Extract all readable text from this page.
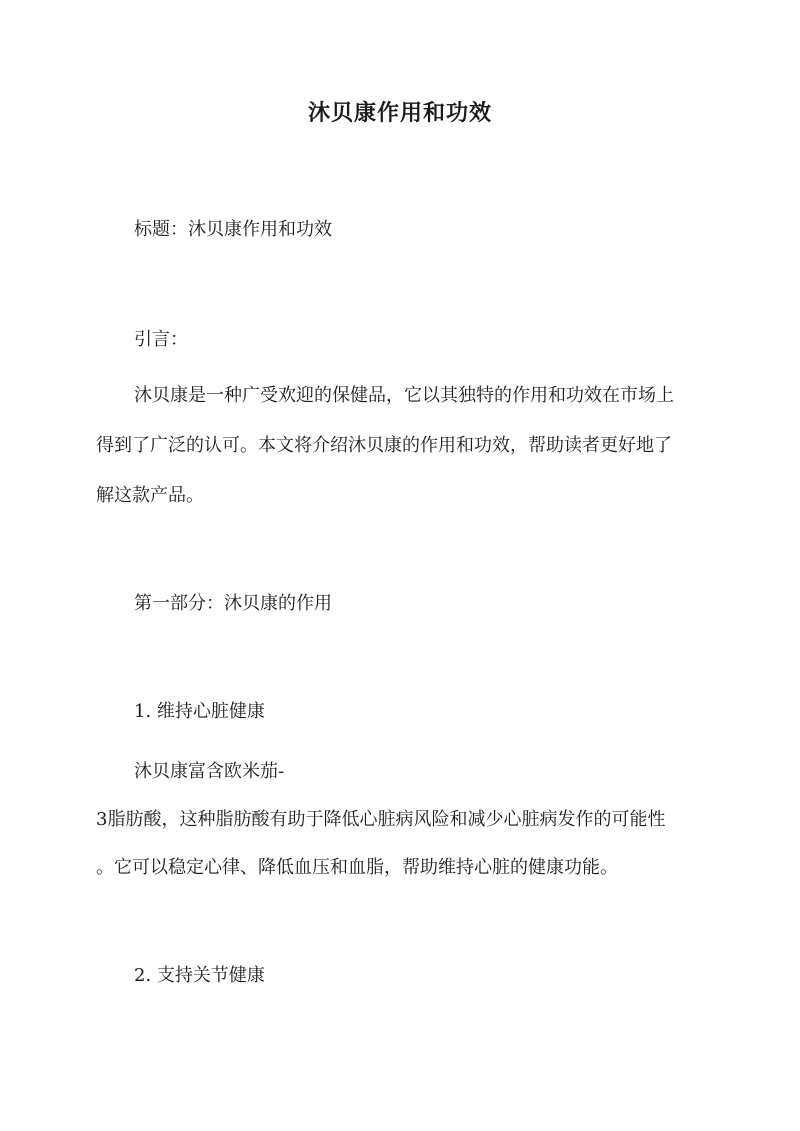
沐贝康作用和功效
标题：沐贝康作用和功效
引言：
沐贝康是一种广受欢迎的保健品，它以其独特的作用和功效在市场上
得到了广泛的认可。本文将介绍沐贝康的作用和功效，帮助读者更好地了
解这款产品。
第一部分：沐贝康的作用
1. 维持心脏健康
沐贝康富含欧米茄-
3脂肪酸，这种脂肪酸有助于降低心脏病风险和减少心脏病发作的可能性
。它可以稳定心律、降低血压和血脂，帮助维持心脏的健康功能。
2. 支持关节健康
